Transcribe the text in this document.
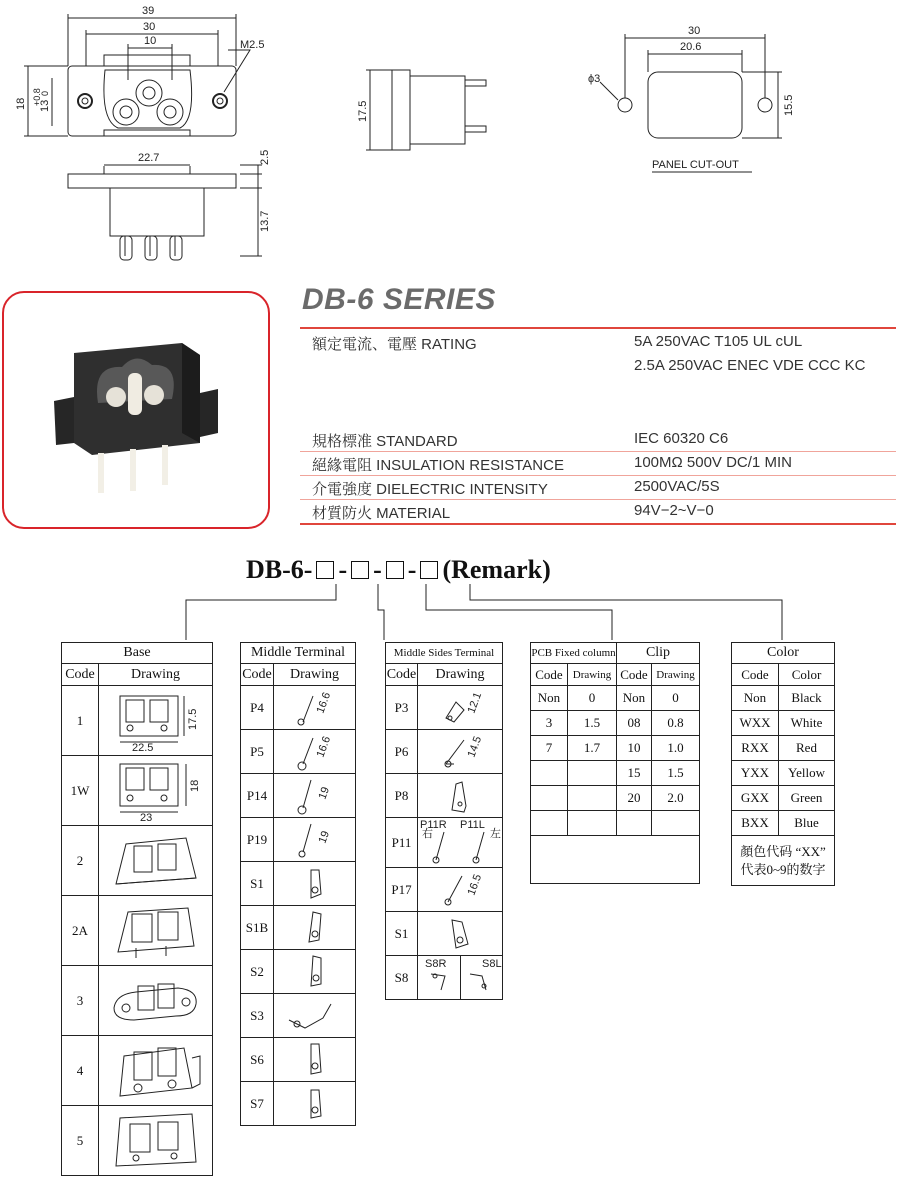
39
30
10	M2.5
18 +0.8
13
0
22.7	2.5
13.7
17.5
30
20.6
ϕ3
15.5
PANEL CUT-OUT
DB-6 SERIES
額定電流、電壓 RATING	5A 250VAC T105 UL cUL
2.5A 250VAC ENEC VDE CCC KC
規格標准 STANDARD	IEC 60320 C6
絕緣電阻 INSULATION RESISTANCE	100MΩ 500V DC/1 MIN
介電強度 DIELECTRIC INTENSITY	2500VAC/5S
材質防火 MATERIAL	94V−2~V−0
DB-6- - - - (Remark)
Base	
Code	Drawing
1	22.5
17.5

1W	23
18

2	

2A	

3	

4	

5	
Middle Terminal	
Code	Drawing
P4	16.6

P5	16.6

P14	19

P19	19

S1	

S1B	

S2	

S3	

S6	

S7	
Middle Sides Terminal		
Code	Drawing	
P3	12.1	

P6	14.5	

P8	

P11	P11R
右
P11L
左	

P17	16.5	

S1	

S8	S8R	S8L
PCB Fixed column		Clip	
Code	Drawing	Code	Drawing
Non	0	Non	0
3	1.5	08	0.8
7	1.7	10	1.0
		15	1.5
		20	2.0

Color	
Code	Color
Non	Black
WXX	White
RXX	Red
YXX	Yellow
GXX	Green
BXX	Blue

顏色代码 “XX”
代表0~9的数字	
